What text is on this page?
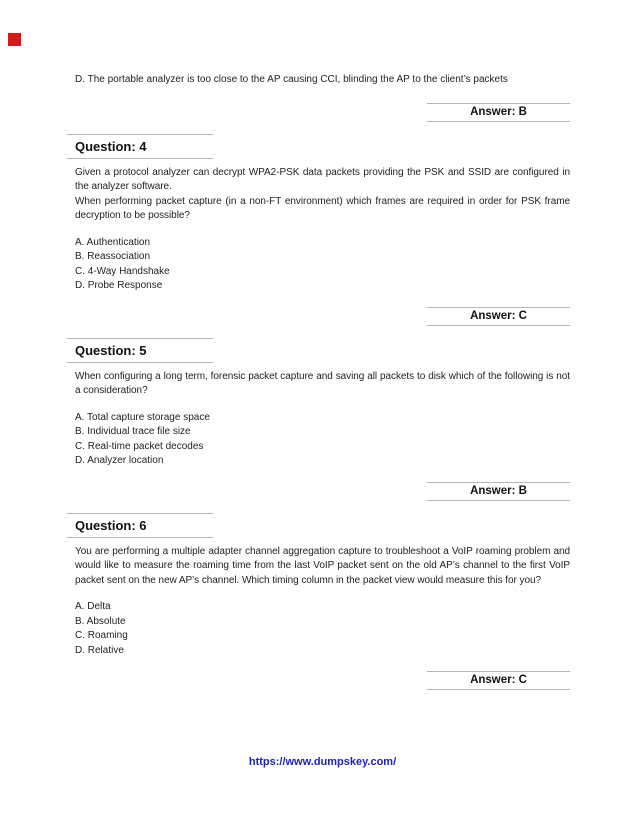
D. The portable analyzer is too close to the AP causing CCI, blinding the AP to the client’s packets
Answer: B
Question: 4

Given a protocol analyzer can decrypt WPA2-PSK data packets providing the PSK and SSID are configured in the analyzer software.

When performing packet capture (in a non-FT environment) which frames are required in order for PSK frame decryption to be possible?

A. Authentication
B. Reassociation
C. 4-Way Handshake
D. Probe Response
Answer: C
Question: 5

When configuring a long term, forensic packet capture and saving all packets to disk which of the following is not a consideration?

A. Total capture storage space
B. Individual trace file size
C. Real-time packet decodes
D. Analyzer location
Answer: B
Question: 6

You are performing a multiple adapter channel aggregation capture to troubleshoot a VoIP roaming problem and would like to measure the roaming time from the last VoIP packet sent on the old AP’s channel to the first VoIP packet sent on the new AP’s channel. Which timing column in the packet view would measure this for you?

A. Delta
B. Absolute
C. Roaming
D. Relative
Answer: C
https://www.dumpskey.com/
